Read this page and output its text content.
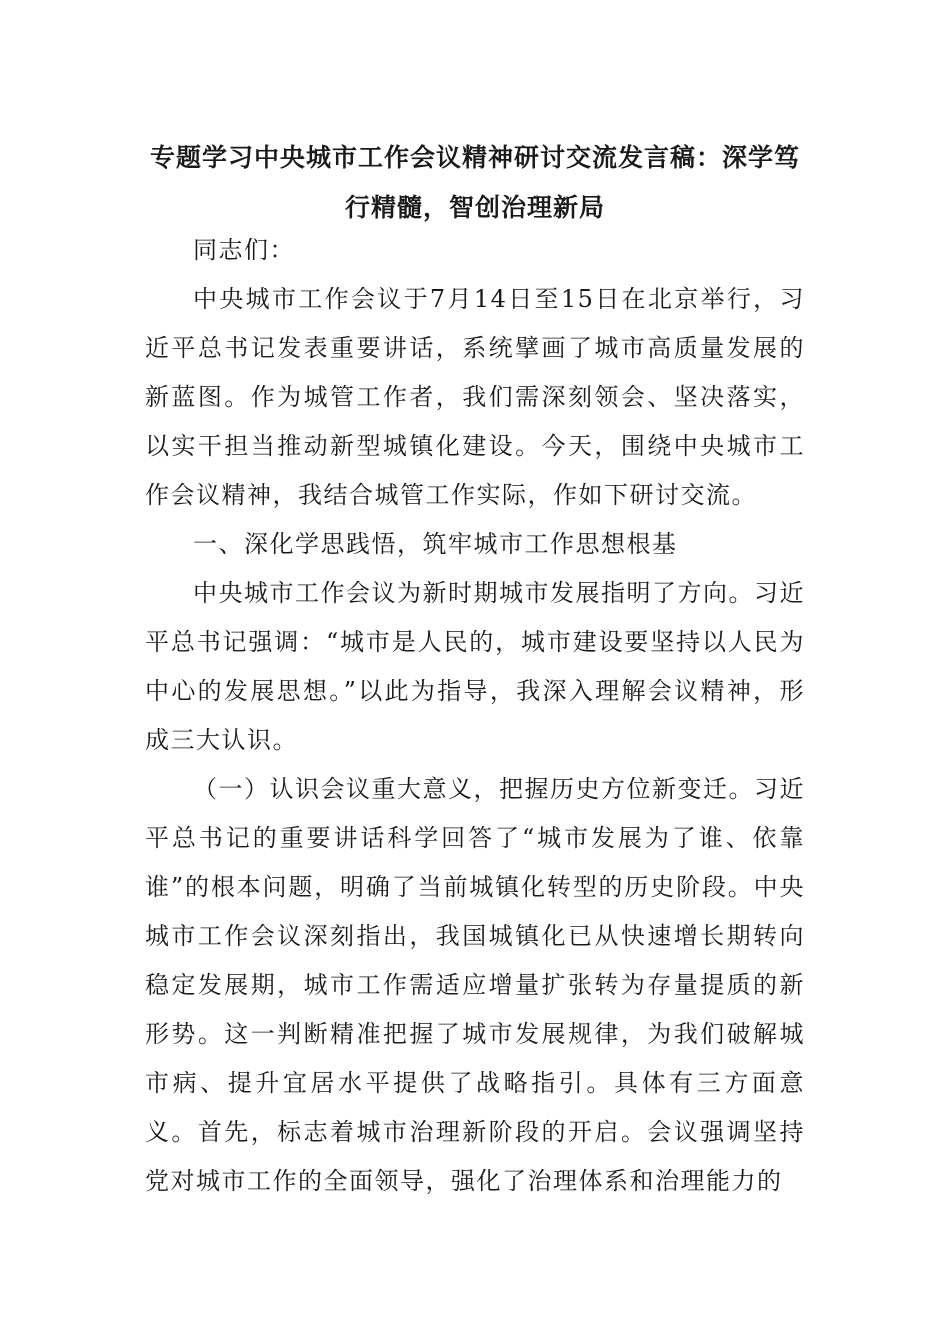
专题学习中央城市工作会议精神研讨交流发言稿：深学笃行精髓，智创治理新局

同志们：

中央城市工作会议于7月14日至15日在北京举行，习近平总书记发表重要讲话，系统擘画了城市高质量发展的新蓝图。作为城管工作者，我们需深刻领会、坚决落实，以实干担当推动新型城镇化建设。今天，围绕中央城市工作会议精神，我结合城管工作实际，作如下研讨交流。

一、深化学思践悟，筑牢城市工作思想根基

中央城市工作会议为新时期城市发展指明了方向。习近平总书记强调：“城市是人民的，城市建设要坚持以人民为中心的发展思想。”以此为指导，我深入理解会议精神，形成三大认识。

（一）认识会议重大意义，把握历史方位新变迁。习近平总书记的重要讲话科学回答了“城市发展为了谁、依靠谁”的根本问题，明确了当前城镇化转型的历史阶段。中央城市工作会议深刻指出，我国城镇化已从快速增长期转向稳定发展期，城市工作需适应增量扩张转为存量提质的新形势。这一判断精准把握了城市发展规律，为我们破解城市病、提升宜居水平提供了战略指引。具体有三方面意义。首先，标志着城市治理新阶段的开启。会议强调坚持党对城市工作的全面领导，强化了治理体系和治理能力的
